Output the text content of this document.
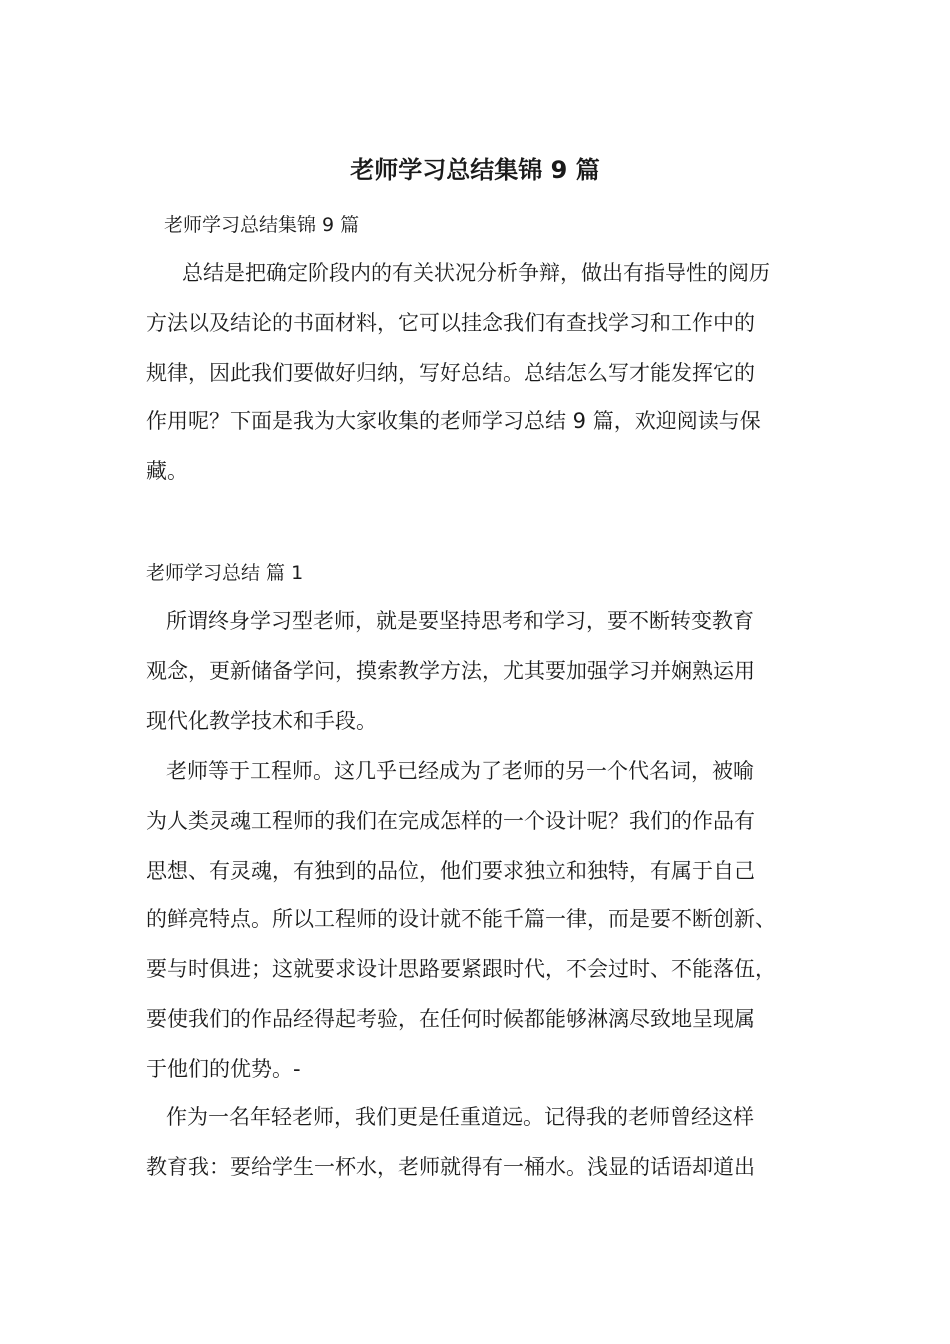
老师学习总结集锦 9 篇

老师学习总结集锦 9 篇

总结是把确定阶段内的有关状况分析争辩，做出有指导性的阅历

方法以及结论的书面材料，它可以挂念我们有查找学习和工作中的

规律，因此我们要做好归纳，写好总结。总结怎么写才能发挥它的

作用呢？下面是我为大家收集的老师学习总结 9 篇，欢迎阅读与保

藏。

老师学习总结 篇 1

所谓终身学习型老师，就是要坚持思考和学习，要不断转变教育

观念，更新储备学问，摸索教学方法，尤其要加强学习并娴熟运用

现代化教学技术和手段。

老师等于工程师。这几乎已经成为了老师的另一个代名词，被喻

为人类灵魂工程师的我们在完成怎样的一个设计呢？我们的作品有

思想、有灵魂，有独到的品位，他们要求独立和独特，有属于自己

的鲜亮特点。所以工程师的设计就不能千篇一律，而是要不断创新、

要与时俱进；这就要求设计思路要紧跟时代，不会过时、不能落伍，

要使我们的作品经得起考验，在任何时候都能够淋漓尽致地呈现属

于他们的优势。-

作为一名年轻老师，我们更是任重道远。记得我的老师曾经这样

教育我：要给学生一杯水，老师就得有一桶水。浅显的话语却道出
